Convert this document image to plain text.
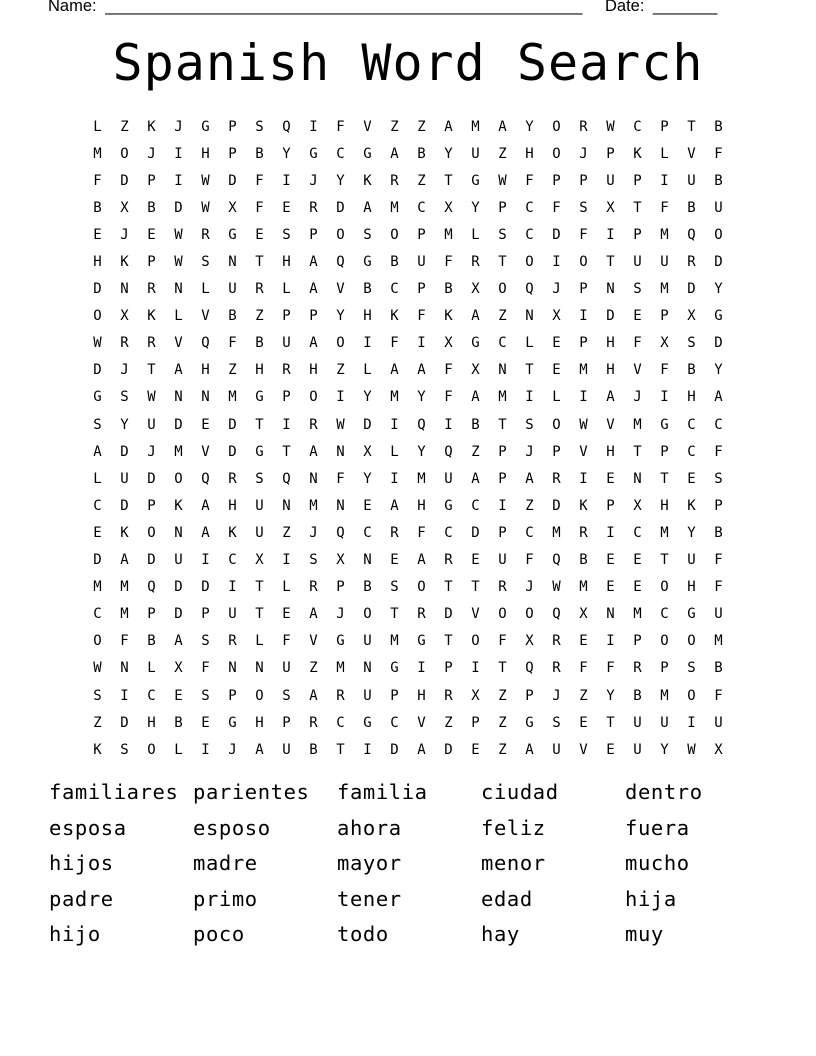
Name: ____________________________________________________ Date: _______
Spanish Word Search
L	Z	K	J	G	P	S	Q	I	F	V	Z	Z	A	M	A	Y	O	R	W	C	P	T	B
M	O	J	I	H	P	B	Y	G	C	G	A	B	Y	U	Z	H	O	J	P	K	L	V	F
F	D	P	I	W	D	F	I	J	Y	K	R	Z	T	G	W	F	P	P	U	P	I	U	B
B	X	B	D	W	X	F	E	R	D	A	M	C	X	Y	P	C	F	S	X	T	F	B	U
E	J	E	W	R	G	E	S	P	O	S	O	P	M	L	S	C	D	F	I	P	M	Q	O
H	K	P	W	S	N	T	H	A	Q	G	B	U	F	R	T	O	I	O	T	U	U	R	D
D	N	R	N	L	U	R	L	A	V	B	C	P	B	X	O	Q	J	P	N	S	M	D	Y
O	X	K	L	V	B	Z	P	P	Y	H	K	F	K	A	Z	N	X	I	D	E	P	X	G
W	R	R	V	Q	F	B	U	A	O	I	F	I	X	G	C	L	E	P	H	F	X	S	D
D	J	T	A	H	Z	H	R	H	Z	L	A	A	F	X	N	T	E	M	H	V	F	B	Y
G	S	W	N	N	M	G	P	O	I	Y	M	Y	F	A	M	I	L	I	A	J	I	H	A
S	Y	U	D	E	D	T	I	R	W	D	I	Q	I	B	T	S	O	W	V	M	G	C	C
A	D	J	M	V	D	G	T	A	N	X	L	Y	Q	Z	P	J	P	V	H	T	P	C	F
L	U	D	O	Q	R	S	Q	N	F	Y	I	M	U	A	P	A	R	I	E	N	T	E	S
C	D	P	K	A	H	U	N	M	N	E	A	H	G	C	I	Z	D	K	P	X	H	K	P
E	K	O	N	A	K	U	Z	J	Q	C	R	F	C	D	P	C	M	R	I	C	M	Y	B
D	A	D	U	I	C	X	I	S	X	N	E	A	R	E	U	F	Q	B	E	E	T	U	F
M	M	Q	D	D	I	T	L	R	P	B	S	O	T	T	R	J	W	M	E	E	O	H	F
C	M	P	D	P	U	T	E	A	J	O	T	R	D	V	O	O	Q	X	N	M	C	G	U
O	F	B	A	S	R	L	F	V	G	U	M	G	T	O	F	X	R	E	I	P	O	O	M
W	N	L	X	F	N	N	U	Z	M	N	G	I	P	I	T	Q	R	F	F	R	P	S	B
S	I	C	E	S	P	O	S	A	R	U	P	H	R	X	Z	P	J	Z	Y	B	M	O	F
Z	D	H	B	E	G	H	P	R	C	G	C	V	Z	P	Z	G	S	E	T	U	U	I	U
K	S	O	L	I	J	A	U	B	T	I	D	A	D	E	Z	A	U	V	E	U	Y	W	X
familiares parientes	familia	ciudad	dentro
esposa	esposo	ahora	feliz	fuera
hijos	madre	mayor	menor	mucho
padre	primo	tener	edad	hija
hijo	poco	todo	hay	muy
